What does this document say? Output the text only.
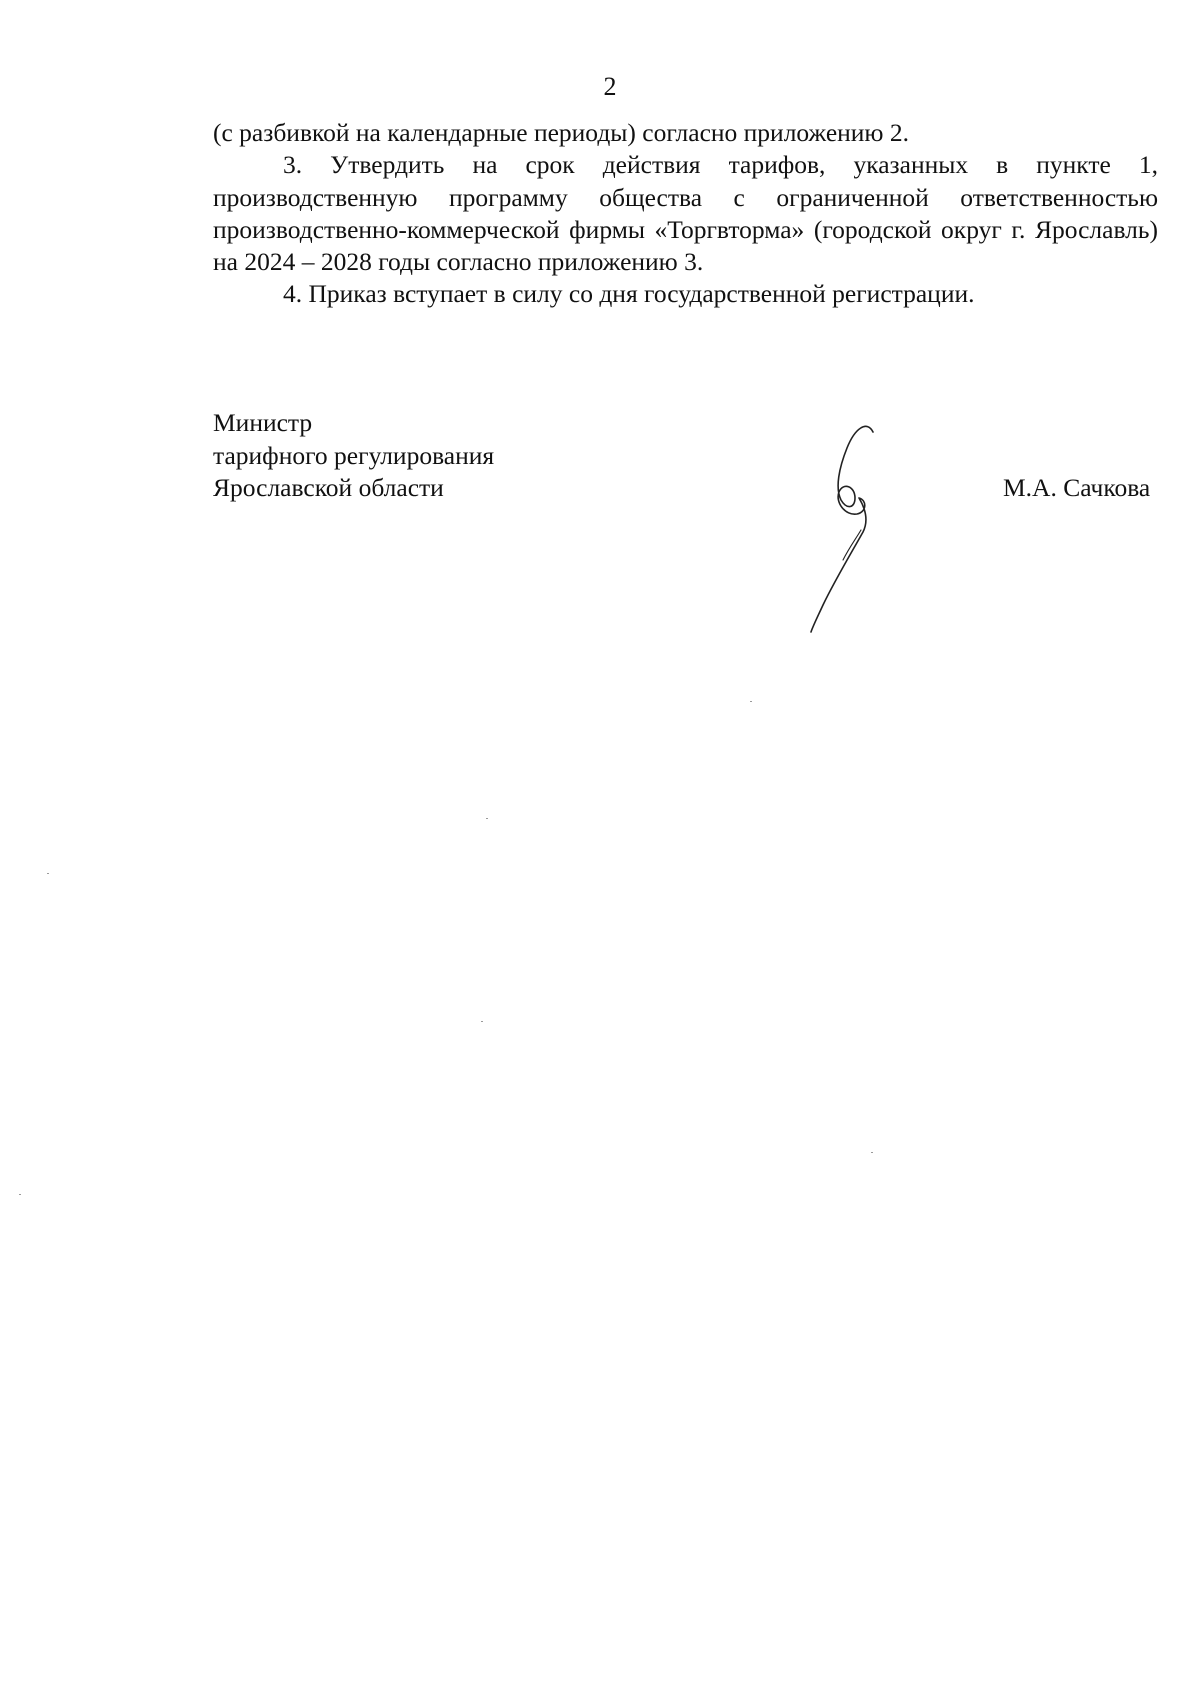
2

(с разбивкой на календарные периоды) согласно приложению 2.

3. Утвердить на срок действия тарифов, указанных в пункте 1, производственную программу общества с ограниченной ответственностью производственно-коммерческой фирмы «Торгвторма» (городской округ г. Ярославль) на 2024 – 2028 годы согласно приложению 3.

4. Приказ вступает в силу со дня государственной регистрации.

Министр
тарифного регулирования
Ярославской области	М.А. Сачкова
